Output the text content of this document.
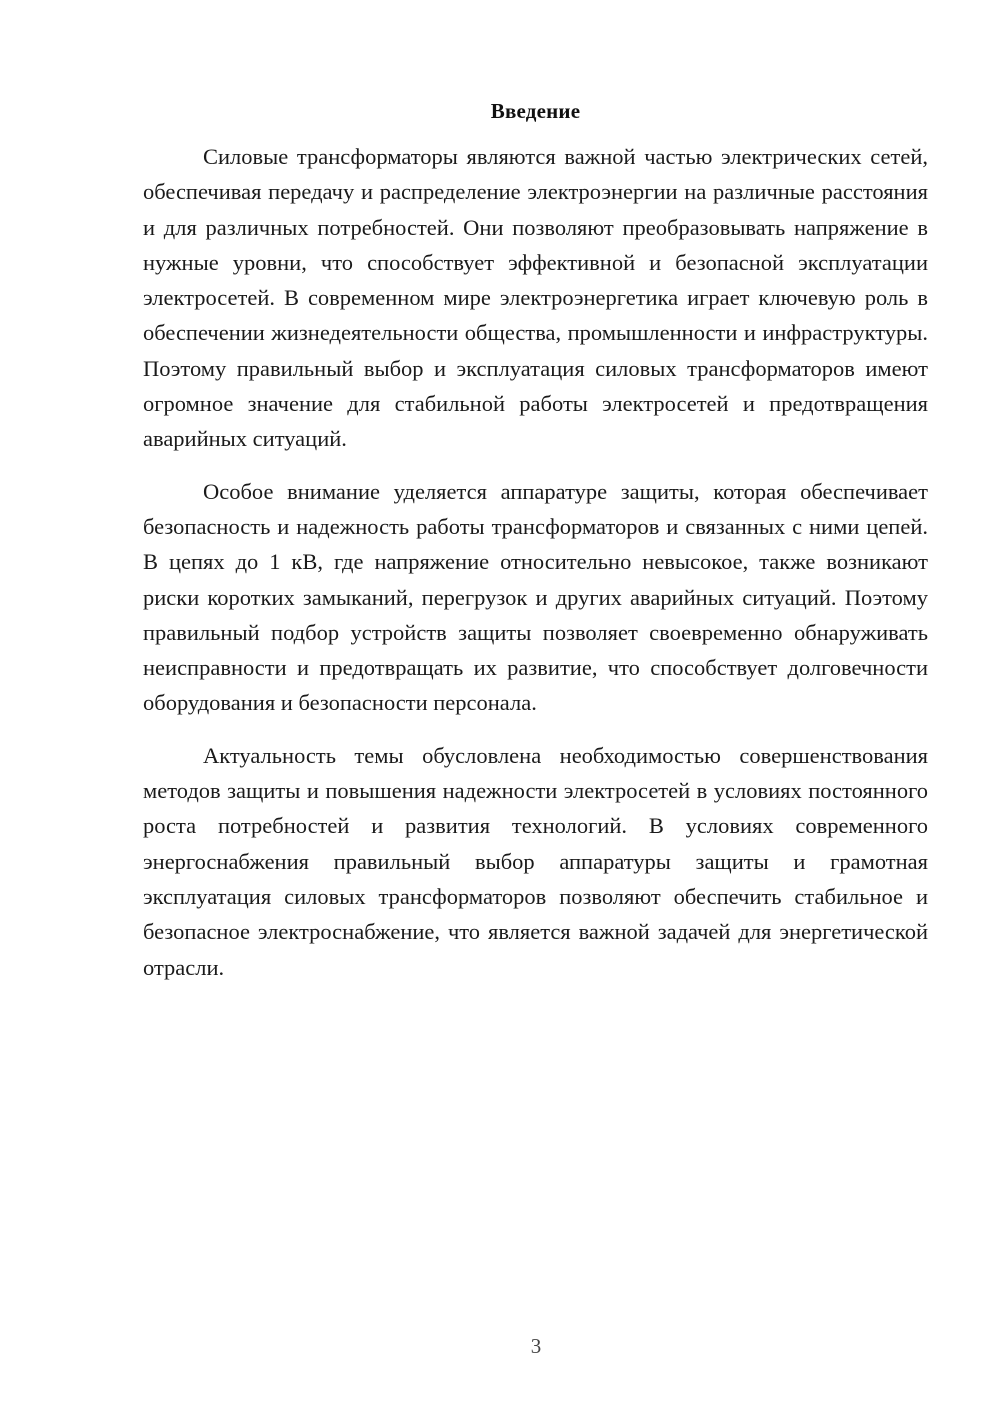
Введение

Силовые трансформаторы являются важной частью электрических сетей, обеспечивая передачу и распределение электроэнергии на различные расстояния и для различных потребностей. Они позволяют преобразовывать напряжение в нужные уровни, что способствует эффективной и безопасной эксплуатации электросетей. В современном мире электроэнергетика играет ключевую роль в обеспечении жизнедеятельности общества, промышленности и инфраструктуры. Поэтому правильный выбор и эксплуатация силовых трансформаторов имеют огромное значение для стабильной работы электросетей и предотвращения аварийных ситуаций.

Особое внимание уделяется аппаратуре защиты, которая обеспечивает безопасность и надежность работы трансформаторов и связанных с ними цепей. В цепях до 1 кВ, где напряжение относительно невысокое, также возникают риски коротких замыканий, перегрузок и других аварийных ситуаций. Поэтому правильный подбор устройств защиты позволяет своевременно обнаруживать неисправности и предотвращать их развитие, что способствует долговечности оборудования и безопасности персонала.

Актуальность темы обусловлена необходимостью совершенствования методов защиты и повышения надежности электросетей в условиях постоянного роста потребностей и развития технологий. В условиях современного энергоснабжения правильный выбор аппаратуры защиты и грамотная эксплуатация силовых трансформаторов позволяют обеспечить стабильное и безопасное электроснабжение, что является важной задачей для энергетической отрасли.

3
